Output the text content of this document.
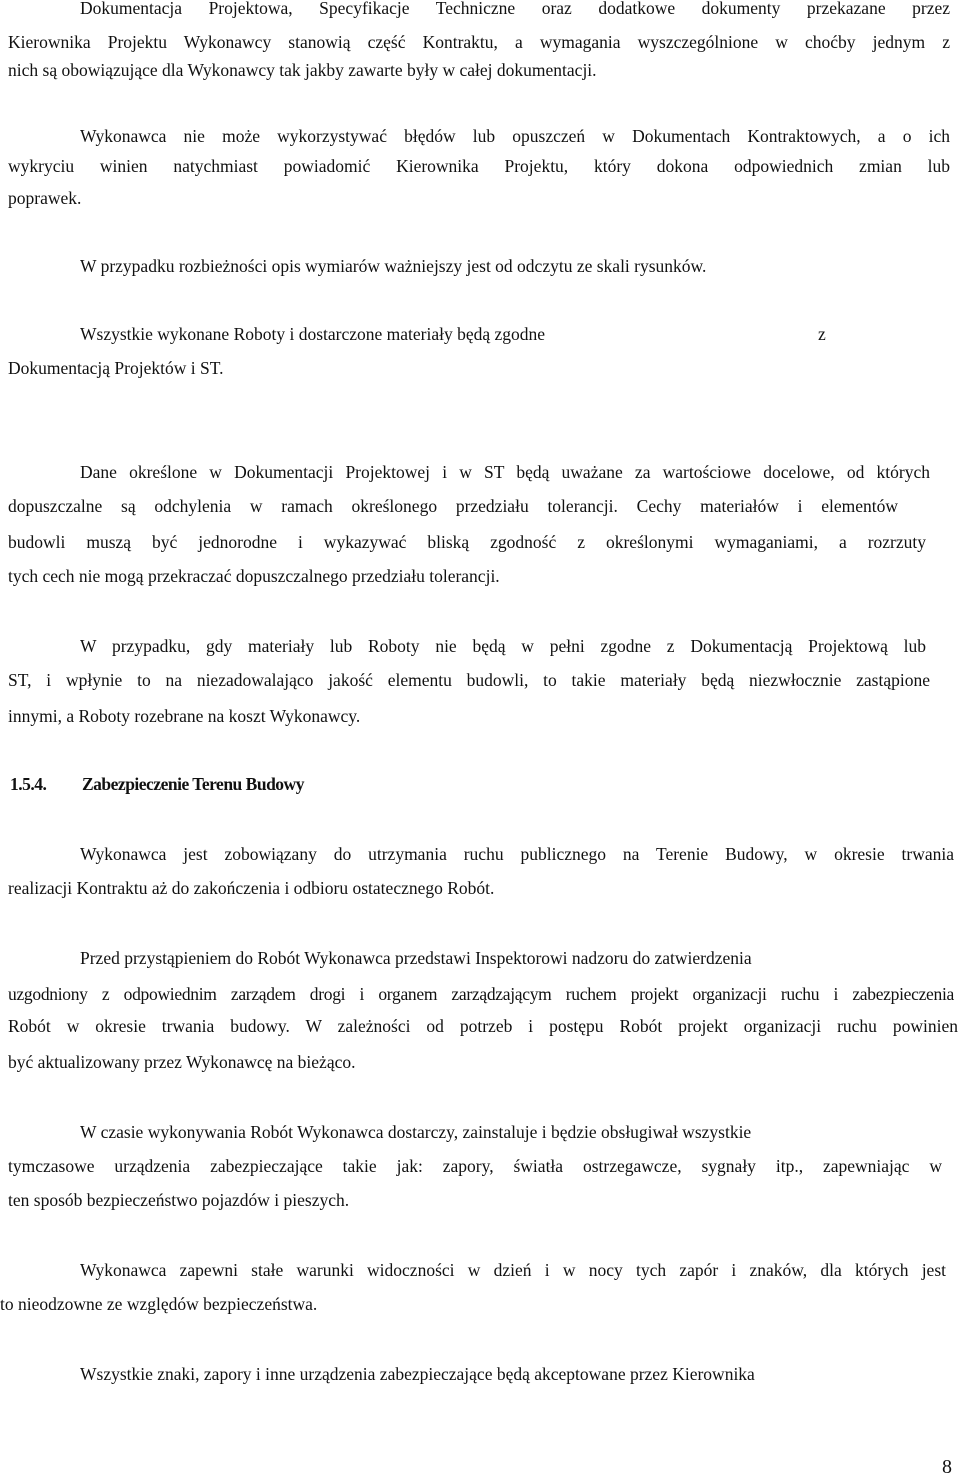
Dokumentacja Projektowa, Specyfikacje Techniczne oraz dodatkowe dokumenty przekazane przez
Kierownika Projektu Wykonawcy stanowią część Kontraktu, a wymagania wyszczególnione w choćby jednym z
nich są obowiązujące dla Wykonawcy tak jakby zawarte były w całej dokumentacji.
Wykonawca nie może wykorzystywać błędów lub opuszczeń w Dokumentach Kontraktowych, a o ich
wykryciu winien natychmiast powiadomić Kierownika Projektu, który dokona odpowiednich zmian lub
poprawek.
W przypadku rozbieżności opis wymiarów ważniejszy jest od odczytu ze skali rysunków.
Wszystkie wykonane Roboty i dostarczone materiały będą zgodne	z
Dokumentacją Projektów i ST.
Dane określone w Dokumentacji Projektowej i w ST będą uważane za wartościowe docelowe, od których
dopuszczalne są odchylenia w ramach określonego przedziału tolerancji. Cechy materiałów i elementów
budowli muszą być jednorodne i wykazywać bliską zgodność z określonymi wymaganiami, a rozrzuty
tych cech nie mogą przekraczać dopuszczalnego przedziału tolerancji.
W przypadku, gdy materiały lub Roboty nie będą w pełni zgodne z Dokumentacją Projektową lub
ST, i wpłynie to na niezadowalająco jakość elementu budowli, to takie materiały będą niezwłocznie zastąpione
innymi, a Roboty rozebrane na koszt Wykonawcy.
1.5.4. Zabezpieczenie Terenu Budowy
Wykonawca jest zobowiązany do utrzymania ruchu publicznego na Terenie Budowy, w okresie trwania
realizacji Kontraktu aż do zakończenia i odbioru ostatecznego Robót.
Przed przystąpieniem do Robót Wykonawca przedstawi Inspektorowi nadzoru do zatwierdzenia
uzgodniony z odpowiednim zarządem drogi i organem zarządzającym ruchem projekt organizacji ruchu i zabezpieczenia
Robót w okresie trwania budowy. W zależności od potrzeb i postępu Robót projekt organizacji ruchu powinien
być aktualizowany przez Wykonawcę na bieżąco.
W czasie wykonywania Robót Wykonawca dostarczy, zainstaluje i będzie obsługiwał wszystkie
tymczasowe urządzenia zabezpieczające takie jak: zapory, światła ostrzegawcze, sygnały itp., zapewniając w
ten sposób bezpieczeństwo pojazdów i pieszych.
Wykonawca zapewni stałe warunki widoczności w dzień i w nocy tych zapór i znaków, dla których jest
to nieodzowne ze względów bezpieczeństwa.
Wszystkie znaki, zapory i inne urządzenia zabezpieczające będą akceptowane przez Kierownika
8
